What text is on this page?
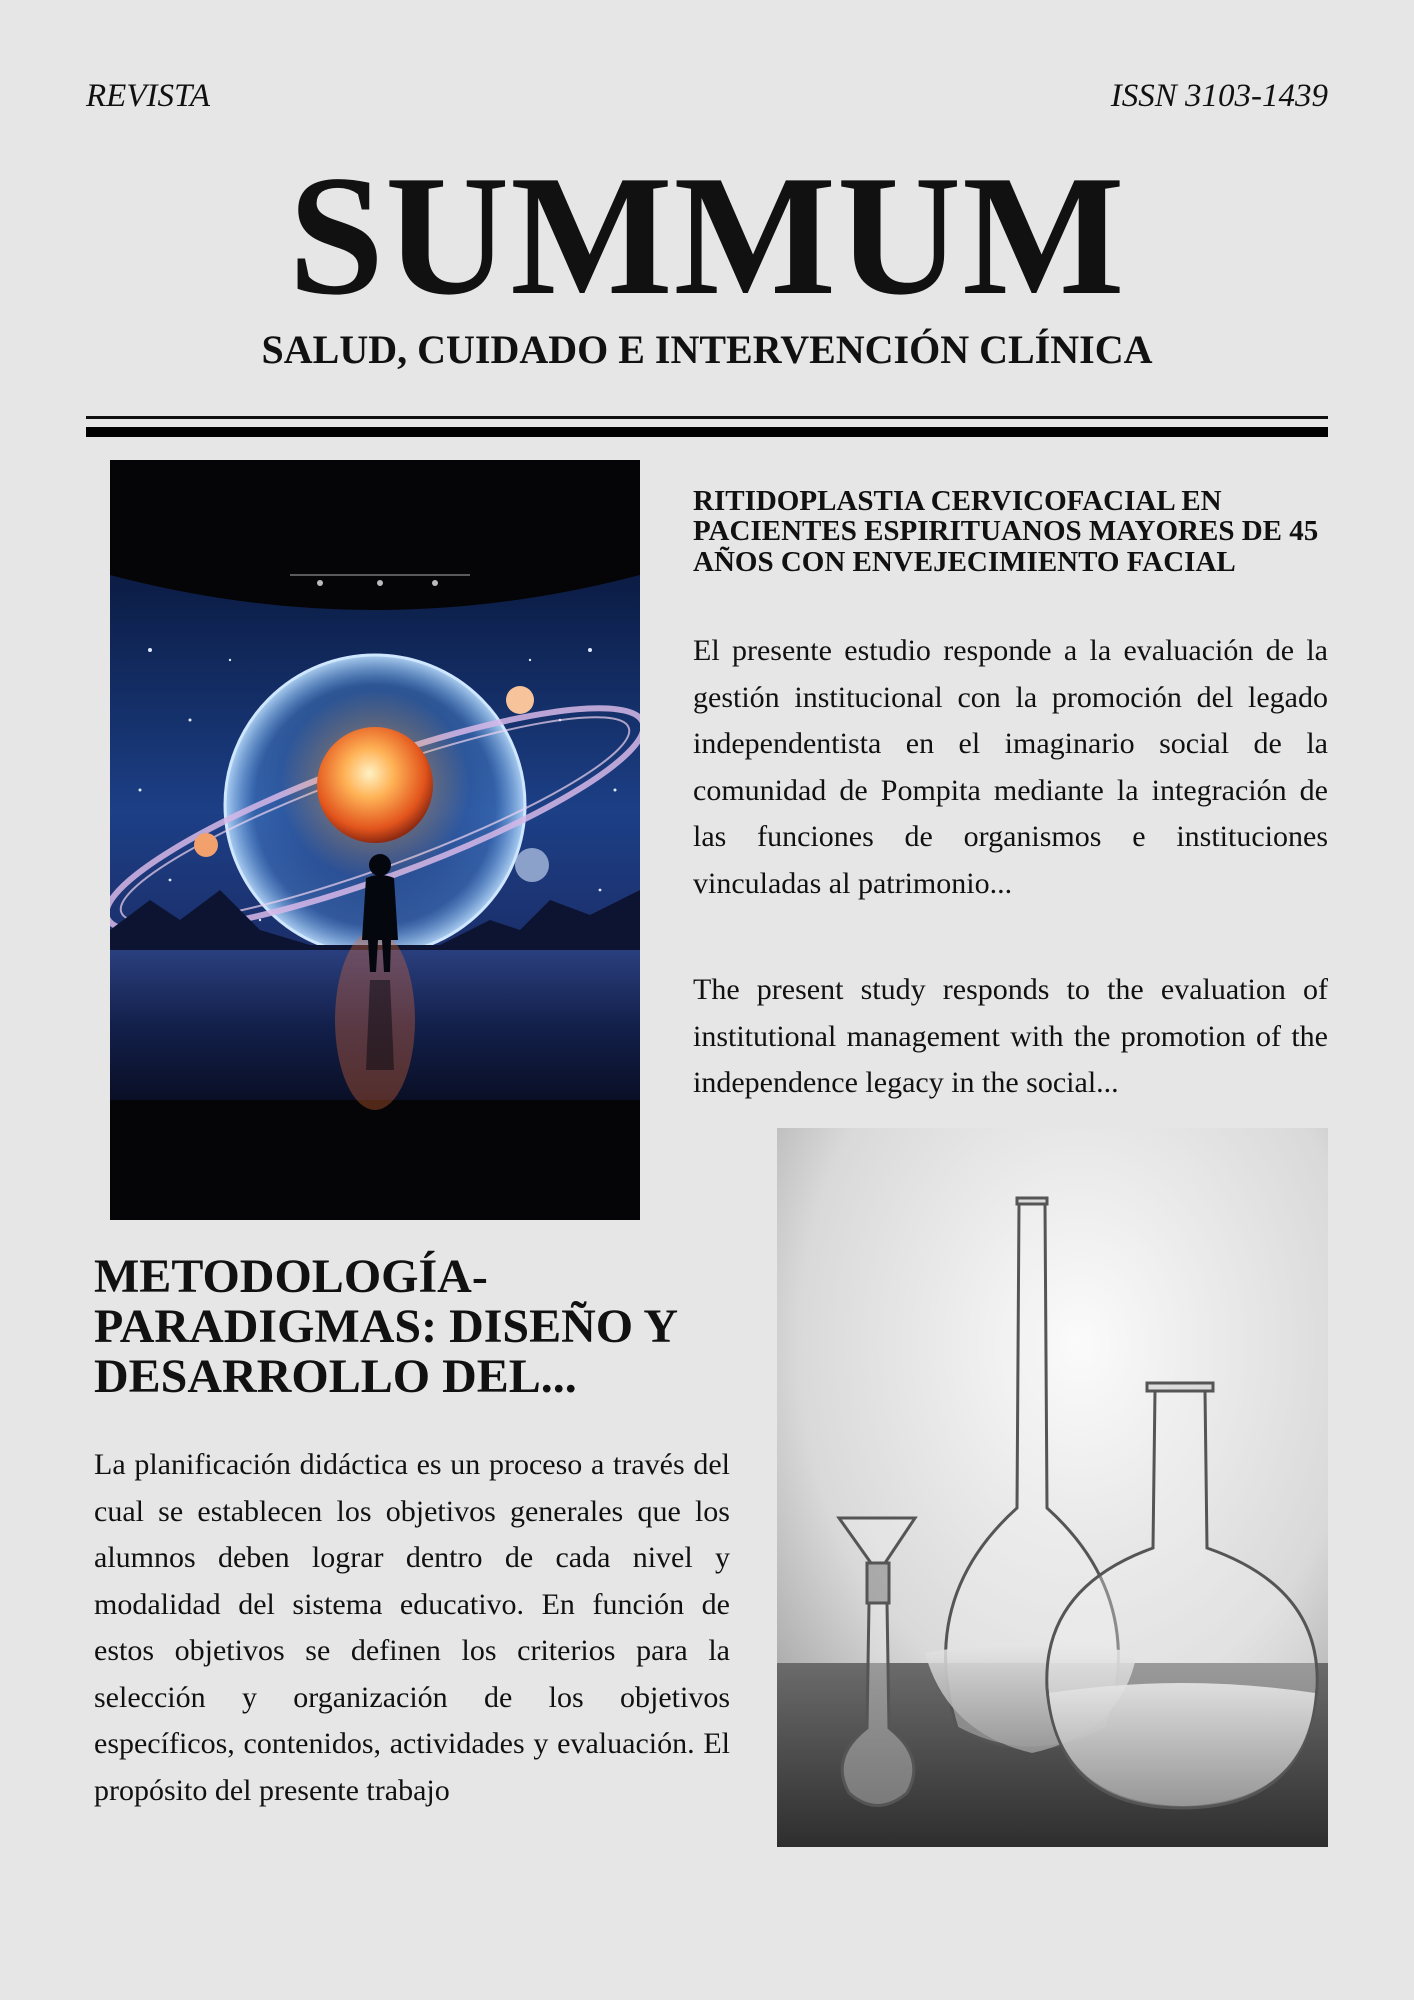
REVISTA	ISSN 3103-1439
SUMMUM
SALUD, CUIDADO E INTERVENCIÓN CLÍNICA
RITIDOPLASTIA CERVICOFACIAL EN PACIENTES ESPIRITUANOS MAYORES DE 45 AÑOS CON ENVEJECIMIENTO FACIAL
El presente estudio responde a la evaluación de la gestión institucional con la promoción del legado independentista en el imaginario social de la comunidad de Pompita mediante la integración de las funciones de organismos e instituciones vinculadas al patrimonio...
The present study responds to the evaluation of institutional management with the promotion of the independence legacy in the social...
METODOLOGÍA-PARADIGMAS: DISEÑO Y DESARROLLO DEL...
La planificación didáctica es un proceso a través del cual se establecen los objetivos generales que los alumnos deben lograr dentro de cada nivel y modalidad del sistema educativo. En función de estos objetivos se definen los criterios para la selección y organización de los objetivos específicos, contenidos, actividades y evaluación. El propósito del presente trabajo
